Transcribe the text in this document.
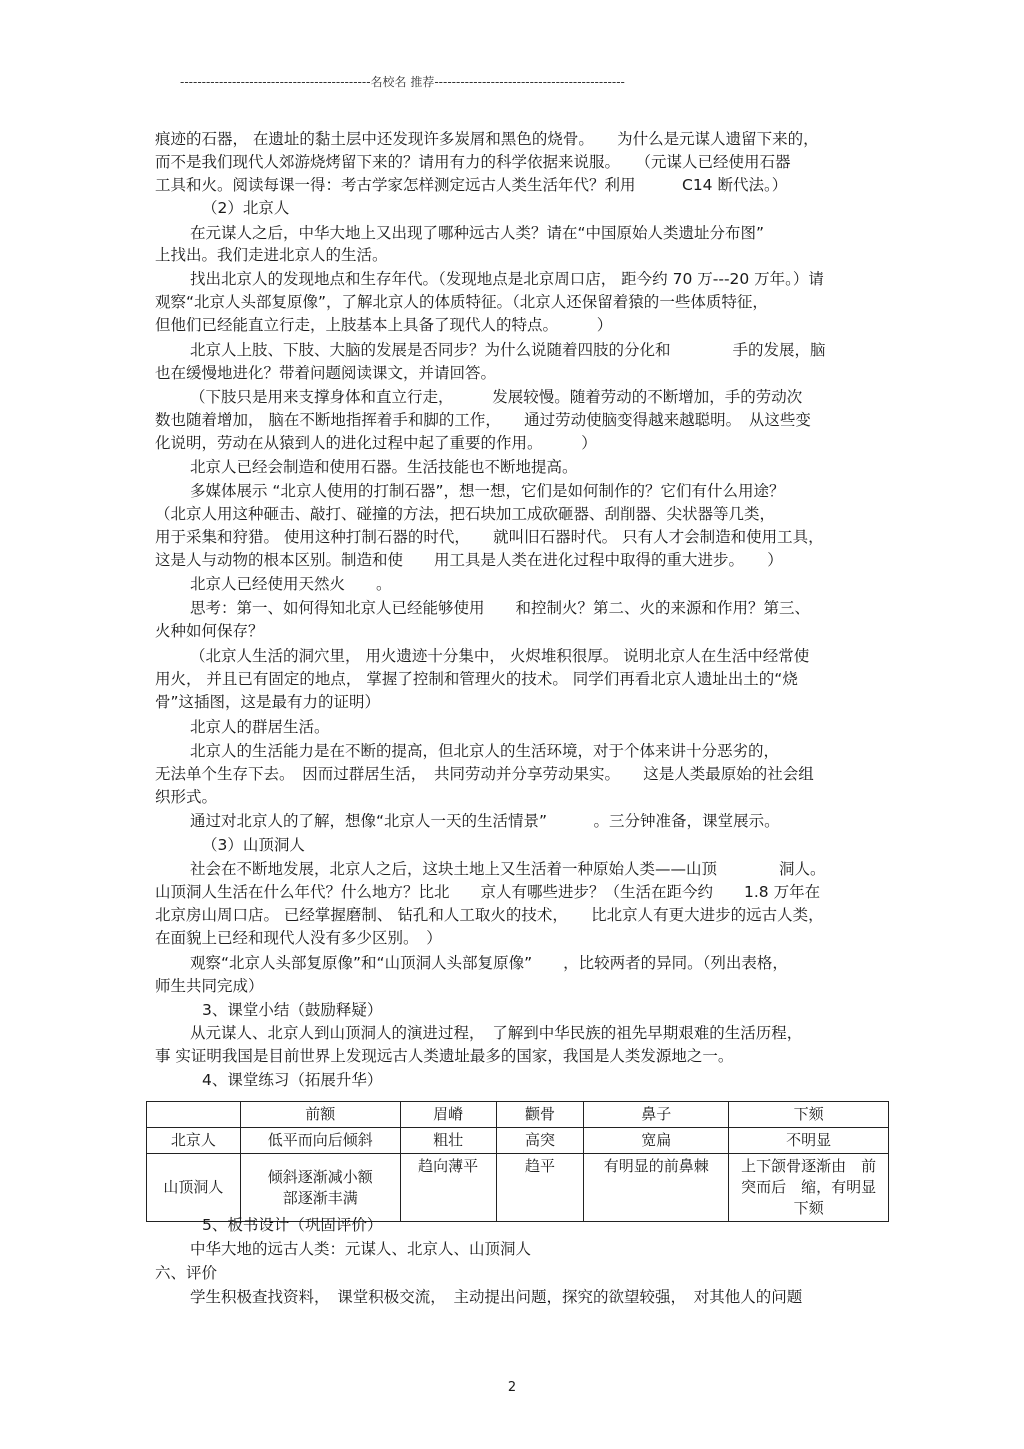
--------------------------------------------名校名 推荐--------------------------------------------
痕迹的石器， 在遗址的黏土层中还发现许多炭屑和黑色的烧骨。　　为什么是元谋人遗留下来的，
而不是我们现代人郊游烧烤留下来的？请用有力的科学依据来说服。　　（元谋人已经使用石器
工具和火。阅读每课一得：考古学家怎样测定远古人类生活年代？利用　　　C14 断代法。）
（2）北京人
在元谋人之后，中华大地上又出现了哪种远古人类？请在“中国原始人类遗址分布图”
上找出。我们走进北京人的生活。
找出北京人的发现地点和生存年代。（发现地点是北京周口店， 距今约 70 万---20 万年。）请
观察“北京人头部复原像”，了解北京人的体质特征。（北京人还保留着猿的一些体质特征，
但他们已经能直立行走，上肢基本上具备了现代人的特点。　　　）
北京人上肢、下肢、大脑的发展是否同步？为什么说随着四肢的分化和　　　　手的发展，脑
也在缓慢地进化？带着问题阅读课文，并请回答。
（下肢只是用来支撑身体和直立行走，　　　发展较慢。随着劳动的不断增加，手的劳动次
数也随着增加， 脑在不断地指挥着手和脚的工作，　　通过劳动使脑变得越来越聪明。　从这些变
化说明，劳动在从猿到人的进化过程中起了重要的作用。　　　）
北京人已经会制造和使用石器。生活技能也不断地提高。
多媒体展示 “北京人使用的打制石器”，想一想，它们是如何制作的？它们有什么用途？
（北京人用这种砸击、敲打、碰撞的方法，把石块加工成砍砸器、刮削器、尖状器等几类，
用于采集和狩猎。 使用这种打制石器的时代，　　就叫旧石器时代。 只有人才会制造和使用工具，
这是人与动物的根本区别。制造和使　　用工具是人类在进化过程中取得的重大进步。　　）
北京人已经使用天然火　　。
思考：第一、如何得知北京人已经能够使用　　和控制火？第二、火的来源和作用？第三、
火种如何保存？
（北京人生活的洞穴里， 用火遗迹十分集中， 火烬堆积很厚。 说明北京人在生活中经常使
用火， 并且已有固定的地点， 掌握了控制和管理火的技术。 同学们再看北京人遗址出土的“烧
骨”这插图，这是最有力的证明）
北京人的群居生活。
北京人的生活能力是在不断的提高，但北京人的生活环境，对于个体来讲十分恶劣的，
无法单个生存下去。　因而过群居生活，　共同劳动并分享劳动果实。　　这是人类最原始的社会组
织形式。
通过对北京人的了解，想像“北京人一天的生活情景”　　　。三分钟准备，课堂展示。
（3）山顶洞人
社会在不断地发展，北京人之后，这块土地上又生活着一种原始人类——山顶　　　　洞人。
山顶洞人生活在什么年代？什么地方？比北　　京人有哪些进步？（生活在距今约　　1.8 万年在
北京房山周口店。 已经掌握磨制、 钻孔和人工取火的技术，　　比北京人有更大进步的远古人类，
在面貌上已经和现代人没有多少区别。　）
观察“北京人头部复原像”和“山顶洞人头部复原像”　　，比较两者的异同。（列出表格，
师生共同完成）
3、课堂小结（鼓励释疑）
从元谋人、北京人到山顶洞人的演进过程，　了解到中华民族的祖先早期艰难的生活历程，
事 实证明我国是目前世界上发现远古人类遗址最多的国家，我国是人类发源地之一。
4、课堂练习（拓展升华）
	前额	眉嵴	颧骨	鼻子	下颏
北京人	低平而向后倾斜	粗壮	高突	宽扁	不明显
山顶洞人	倾斜逐渐减小额部逐渐丰满	趋向薄平	趋平	有明显的前鼻棘	上下颌骨逐渐由　前突而后　缩，有明显下颏
5、板书设计（巩固评价）
中华大地的远古人类：元谋人、北京人、山顶洞人
六、评价
学生积极查找资料，　课堂积极交流，　主动提出问题，探究的欲望较强，　对其他人的问题
2
